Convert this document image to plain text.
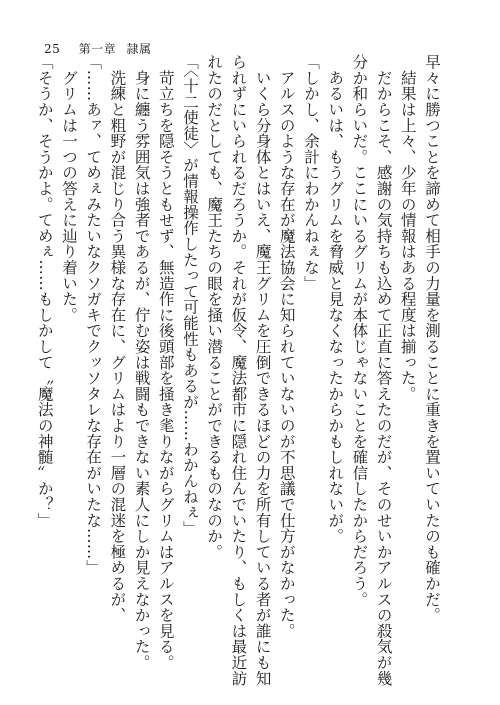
25 第一章 隷属
早々に勝つことを諦めて相手の力量を測ることに重きを置いていたのも確かだ。
　結果は上々、少年の情報はある程度は揃った。
　だからこそ、感謝の気持ちも込めて正直に答えたのだが、そのせいかアルスの殺気が幾
分か和らいだ。ここにいるグリムが本体じゃないことを確信したからだろう。
　あるいは、もうグリムを脅威と見なくなったからかもしれないが。
「しかし、余計にわかんねぇな」
　アルスのような存在が魔法協会に知られていないのが不思議で仕方がなかった。
　いくら分身体とはいえ、魔王グリムを圧倒できるほどの力を所有している者が誰にも知
られずにいられるだろうか。それが仮令、魔法都市に隠れ住んでいたり、もしくは最近訪
れたのだとしても、魔王たちの眼を掻い潜ることができるものなのか。
「〈十二使徒〉が情報操作したって可能性もあるが……わかんねぇ」
　苛立ちを隠そうともせず、無造作に後頭部を掻き毟りながらグリムはアルスを見る。
　身に纏う雰囲気は強者であるが、佇む姿は戦闘もできない素人にしか見えなかった。
　洗練と粗野が混じり合う異様な存在に、グリムはより一層の混迷を極めるが、
「……あァ、てめぇみたいなクソガキでクッソタレな存在がいたな……」
　グリムは一つの答えに辿り着いた。
「そうか、そうかよ。てめぇ……もしかして〝魔法の神髄〟か？」
